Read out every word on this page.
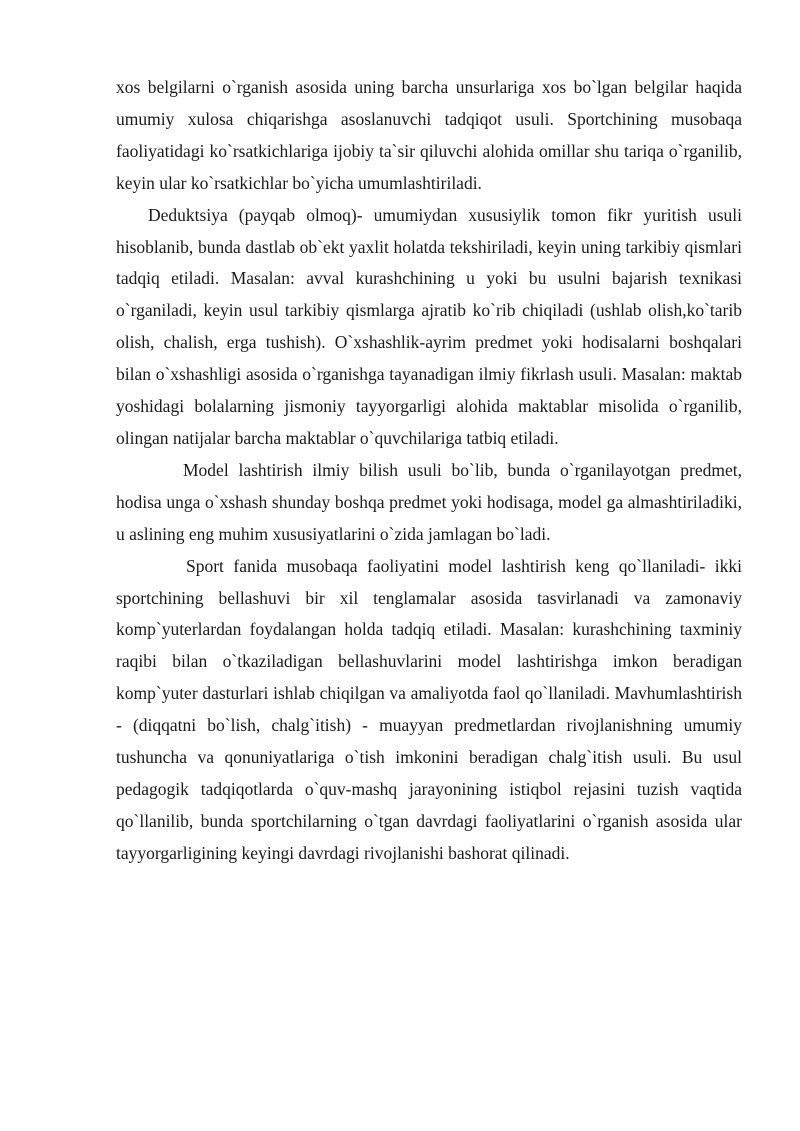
xos belgilarni o`rganish asosida uning barcha unsurlariga xos bo`lgan belgilar haqida umumiy xulosa chiqarishga asoslanuvchi tadqiqot usuli. Sportchining musobaqa faoliyatidagi ko`rsatkichlariga ijobiy ta`sir qiluvchi alohida omillar shu tariqa o`rganilib, keyin ular ko`rsatkichlar bo`yicha umumlashtiriladi.

Deduktsiya (payqab olmoq)- umumiydan xususiylik tomon fikr yuritish usuli hisoblanib, bunda dastlab ob`ekt yaxlit holatda tekshiriladi, keyin uning tarkibiy qismlari tadqiq etiladi. Masalan: avval kurashchining u yoki bu usulni bajarish texnikasi o`rganiladi, keyin usul tarkibiy qismlarga ajratib ko`rib chiqiladi (ushlab olish,ko`tarib olish, chalish, erga tushish). O`xshashlik-ayrim predmet yoki hodisalarni boshqalari bilan o`xshashligi asosida o`rganishga tayanadigan ilmiy fikrlash usuli. Masalan: maktab yoshidagi bolalarning jismoniy tayyorgarligi alohida maktablar misolida o`rganilib, olingan natijalar barcha maktablar o`quvchilariga tatbiq etiladi.

Model lashtirish ilmiy bilish usuli bo`lib, bunda o`rganilayotgan predmet, hodisa unga o`xshash shunday boshqa predmet yoki hodisaga, model ga almashtiriladiki, u aslining eng muhim xususiyatlarini o`zida jamlagan bo`ladi.

Sport fanida musobaqa faoliyatini model lashtirish keng qo`llaniladi- ikki sportchining bellashuvi bir xil tenglamalar asosida tasvirlanadi va zamonaviy komp`yuterlardan foydalangan holda tadqiq etiladi. Masalan: kurashchining taxminiy raqibi bilan o`tkaziladigan bellashuvlarini model lashtirishga imkon beradigan komp`yuter dasturlari ishlab chiqilgan va amaliyotda faol qo`llaniladi. Mavhumlashtirish - (diqqatni bo`lish, chalg`itish) - muayyan predmetlardan rivojlanishning umumiy tushuncha va qonuniyatlariga o`tish imkonini beradigan chalg`itish usuli. Bu usul pedagogik tadqiqotlarda o`quv-mashq jarayonining istiqbol rejasini tuzish vaqtida qo`llanilib, bunda sportchilarning o`tgan davrdagi faoliyatlarini o`rganish asosida ular tayyorgarligining keyingi davrdagi rivojlanishi bashorat qilinadi.
